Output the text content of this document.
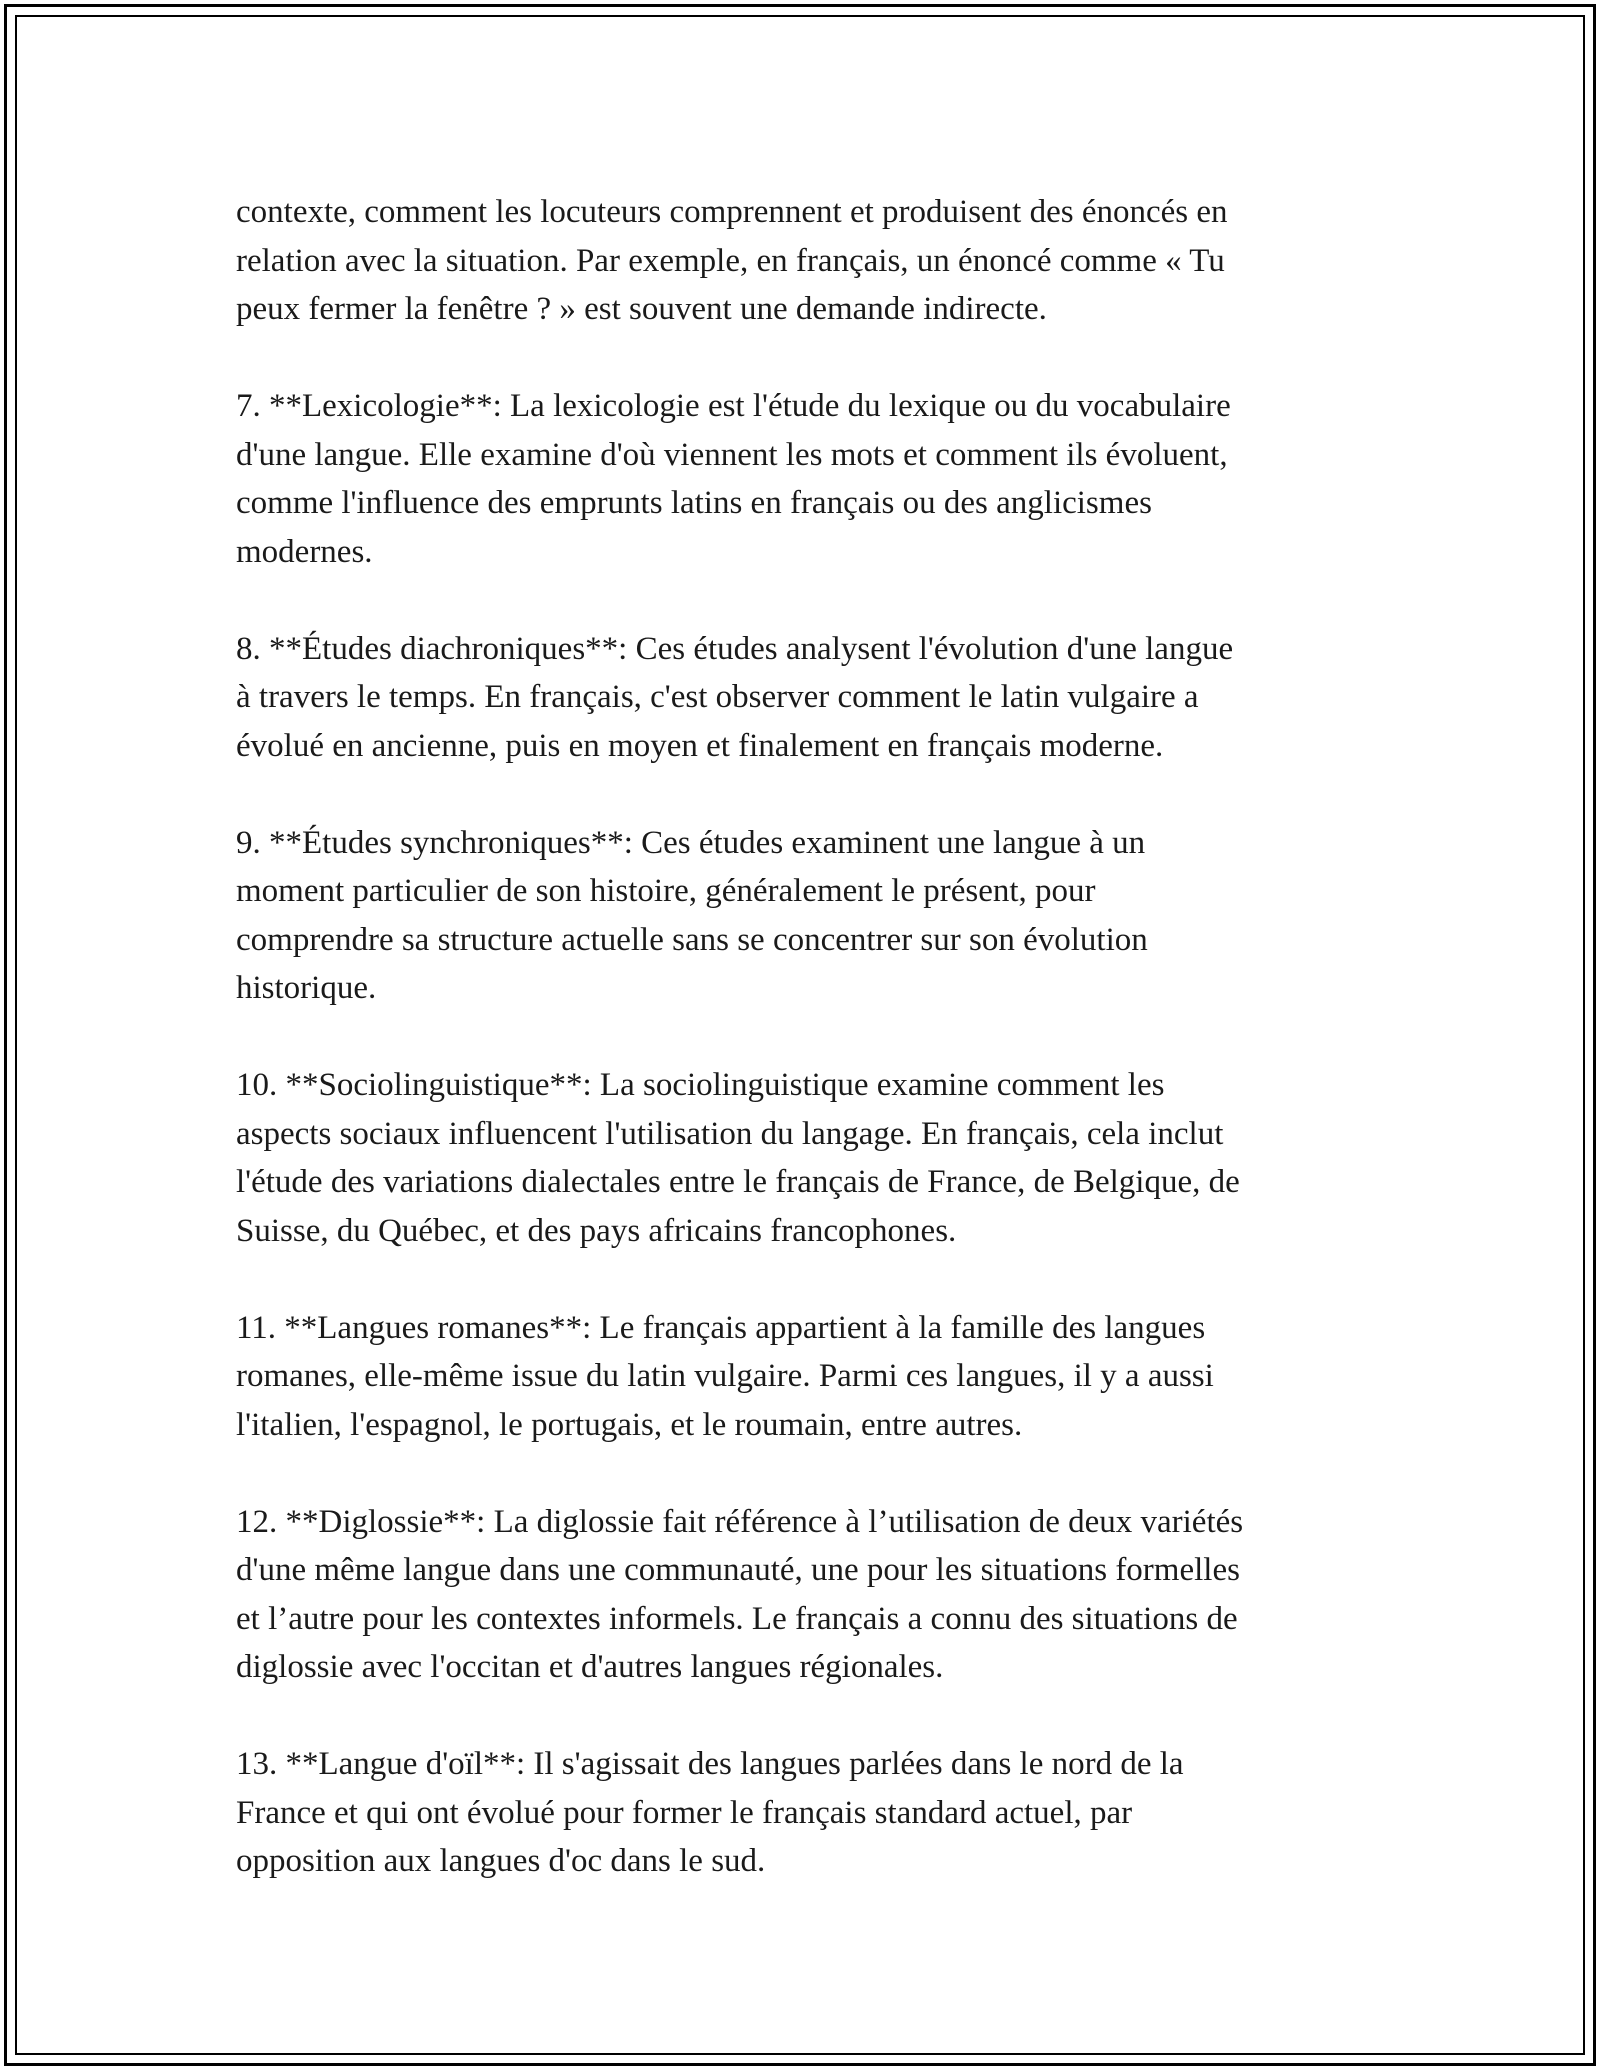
contexte, comment les locuteurs comprennent et produisent des énoncés en
relation avec la situation. Par exemple, en français, un énoncé comme « Tu
peux fermer la fenêtre ? » est souvent une demande indirecte.

7. **Lexicologie**: La lexicologie est l'étude du lexique ou du vocabulaire
d'une langue. Elle examine d'où viennent les mots et comment ils évoluent,
comme l'influence des emprunts latins en français ou des anglicismes
modernes.

8. **Études diachroniques**: Ces études analysent l'évolution d'une langue
à travers le temps. En français, c'est observer comment le latin vulgaire a
évolué en ancienne, puis en moyen et finalement en français moderne.

9. **Études synchroniques**: Ces études examinent une langue à un
moment particulier de son histoire, généralement le présent, pour
comprendre sa structure actuelle sans se concentrer sur son évolution
historique.

10. **Sociolinguistique**: La sociolinguistique examine comment les
aspects sociaux influencent l'utilisation du langage. En français, cela inclut
l'étude des variations dialectales entre le français de France, de Belgique, de
Suisse, du Québec, et des pays africains francophones.

11. **Langues romanes**: Le français appartient à la famille des langues
romanes, elle-même issue du latin vulgaire. Parmi ces langues, il y a aussi
l'italien, l'espagnol, le portugais, et le roumain, entre autres.

12. **Diglossie**: La diglossie fait référence à l’utilisation de deux variétés
d'une même langue dans une communauté, une pour les situations formelles
et l’autre pour les contextes informels. Le français a connu des situations de
diglossie avec l'occitan et d'autres langues régionales.

13. **Langue d'oïl**: Il s'agissait des langues parlées dans le nord de la
France et qui ont évolué pour former le français standard actuel, par
opposition aux langues d'oc dans le sud.
